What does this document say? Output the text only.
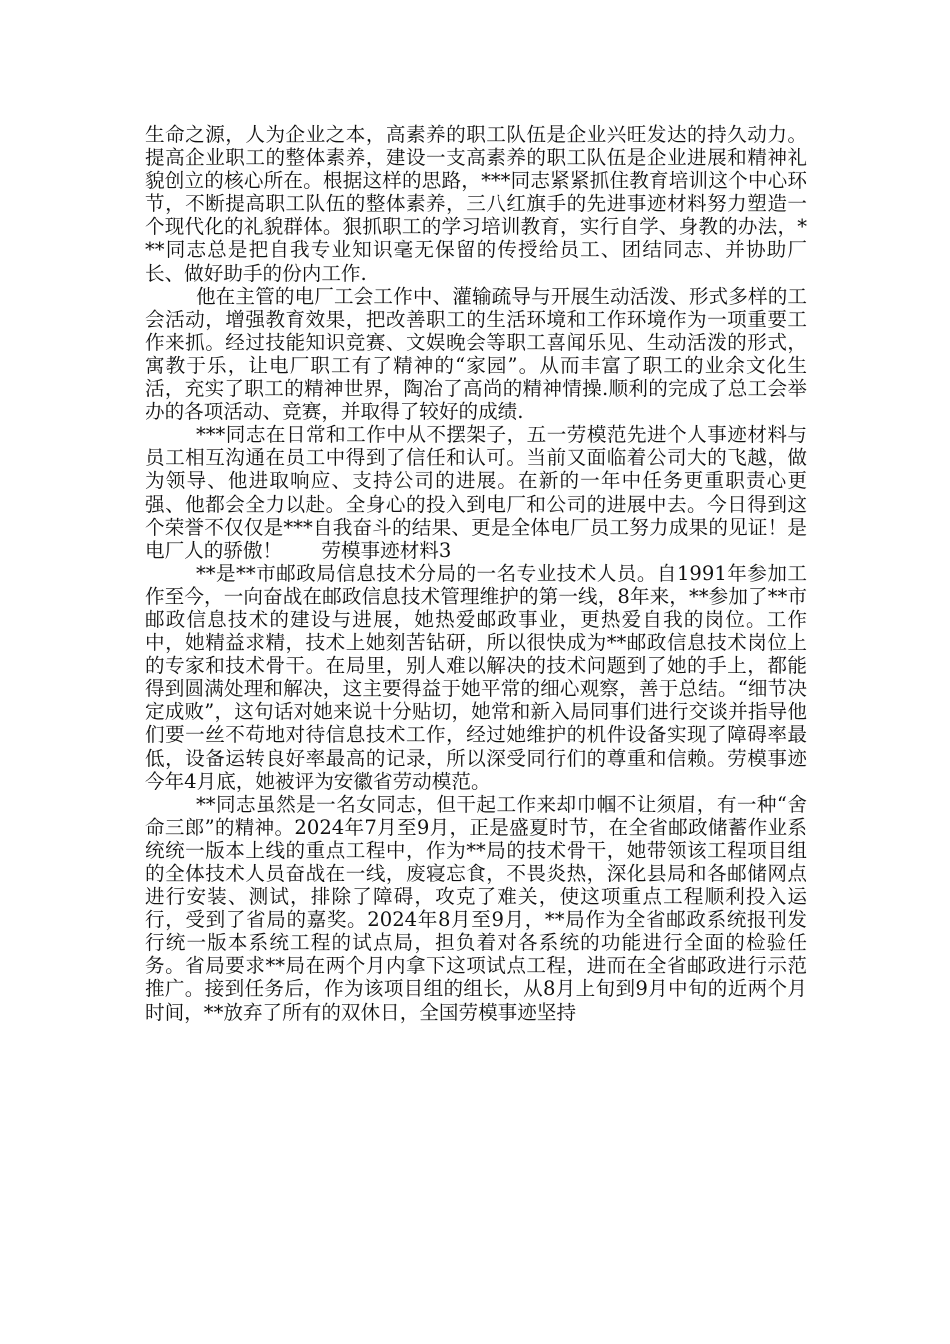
生命之源，人为企业之本，高素养的职工队伍是企业兴旺发达的持久动力。提高企业职工的整体素养，建设一支高素养的职工队伍是企业进展和精神礼貌创立的核心所在。根据这样的思路，***同志紧紧抓住教育培训这个中心环节，不断提高职工队伍的整体素养，三八红旗手的先进事迹材料努力塑造一个现代化的礼貌群体。狠抓职工的学习培训教育，实行自学、身教的办法，***同志总是把自我专业知识毫无保留的传授给员工、团结同志、并协助厂长、做好助手的份内工作.

他在主管的电厂工会工作中、灌输疏导与开展生动活泼、形式多样的工会活动，增强教育效果，把改善职工的生活环境和工作环境作为一项重要工作来抓。经过技能知识竞赛、文娱晚会等职工喜闻乐见、生动活泼的形式，寓教于乐，让电厂职工有了精神的“家园”。从而丰富了职工的业余文化生活，充实了职工的精神世界，陶冶了高尚的精神情操.顺利的完成了总工会举办的各项活动、竞赛，并取得了较好的成绩.

***同志在日常和工作中从不摆架子，五一劳模范先进个人事迹材料与员工相互沟通在员工中得到了信任和认可。当前又面临着公司大的飞越，做为领导、他进取响应、支持公司的进展。在新的一年中任务更重职责心更强、他都会全力以赴。全身心的投入到电厂和公司的进展中去。今日得到这个荣誉不仅仅是***自我奋斗的结果、更是全体电厂员工努力成果的见证！是电厂人的骄傲！　　劳模事迹材料3

**是**市邮政局信息技术分局的一名专业技术人员。自1991年参加工作至今，一向奋战在邮政信息技术管理维护的第一线，8年来，**参加了**市邮政信息技术的建设与进展，她热爱邮政事业，更热爱自我的岗位。工作中，她精益求精，技术上她刻苦钻研，所以很快成为**邮政信息技术岗位上的专家和技术骨干。在局里，别人难以解决的技术问题到了她的手上，都能得到圆满处理和解决，这主要得益于她平常的细心观察，善于总结。“细节决定成败”，这句话对她来说十分贴切，她常和新入局同事们进行交谈并指导他们要一丝不苟地对待信息技术工作，经过她维护的机件设备实现了障碍率最低，设备运转良好率最高的记录，所以深受同行们的尊重和信赖。劳模事迹今年4月底，她被评为安徽省劳动模范。

**同志虽然是一名女同志，但干起工作来却巾帼不让须眉，有一种“舍命三郎”的精神。2024年7月至9月，正是盛夏时节，在全省邮政储蓄作业系统统一版本上线的重点工程中，作为**局的技术骨干，她带领该工程项目组的全体技术人员奋战在一线，废寝忘食，不畏炎热，深化县局和各邮储网点进行安装、测试，排除了障碍，攻克了难关，使这项重点工程顺利投入运行，受到了省局的嘉奖。2024年8月至9月，**局作为全省邮政系统报刊发行统一版本系统工程的试点局，担负着对各系统的功能进行全面的检验任务。省局要求**局在两个月内拿下这项试点工程，进而在全省邮政进行示范推广。接到任务后，作为该项目组的组长，从8月上旬到9月中旬的近两个月时间，**放弃了所有的双休日，全国劳模事迹坚持
